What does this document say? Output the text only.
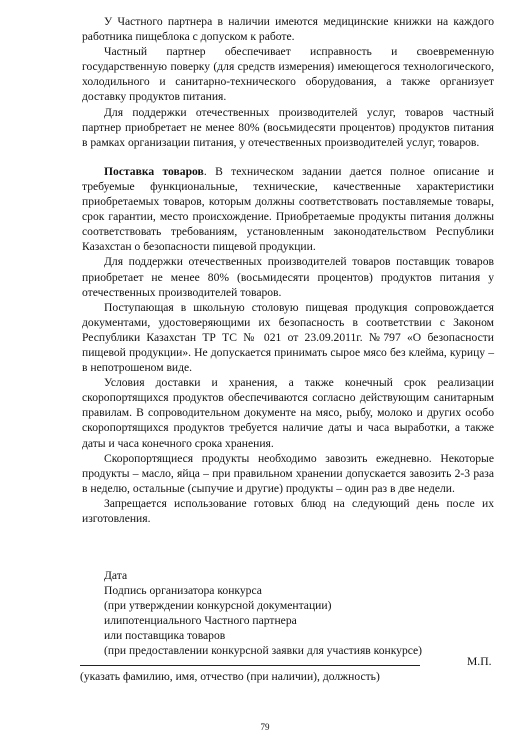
У Частного партнера в наличии имеются медицинские книжки на каждого работника пищеблока с допуском к работе.

Частный партнер обеспечивает исправность и своевременную государственную поверку (для средств измерения) имеющегося технологического, холодильного и санитарно-технического оборудования, а также организует доставку продуктов питания.

Для поддержки отечественных производителей услуг, товаров частный партнер приобретает не менее 80% (восьмидесяти процентов) продуктов питания в рамках организации питания, у отечественных производителей услуг, товаров.

Поставка товаров. В техническом задании дается полное описание и требуемые функциональные, технические, качественные характеристики приобретаемых товаров, которым должны соответствовать поставляемые товары, срок гарантии, место происхождение. Приобретаемые продукты питания должны соответствовать требованиям, установленным законодательством Республики Казахстан о безопасности пищевой продукции.

Для поддержки отечественных производителей товаров поставщик товаров приобретает не менее 80% (восьмидесяти процентов) продуктов питания у отечественных производителей товаров.

Поступающая в школьную столовую пищевая продукция сопровождается документами, удостоверяющими их безопасность в соответствии с Законом Республики Казахстан ТР ТС № 021 от 23.09.2011г. №797 «О безопасности пищевой продукции». Не допускается принимать сырое мясо без клейма, курицу – в непотрошеном виде.

Условия доставки и хранения, а также конечный срок реализации скоропортящихся продуктов обеспечиваются согласно действующим санитарным правилам. В сопроводительном документе на мясо, рыбу, молоко и других особо скоропортящихся продуктов требуется наличие даты и часа выработки, а также даты и часа конечного срока хранения.

Скоропортящиеся продукты необходимо завозить ежедневно. Некоторые продукты – масло, яйца – при правильном хранении допускается завозить 2-3 раза в неделю, остальные (сыпучие и другие) продукты – один раз в две недели.

Запрещается использование готовых блюд на следующий день после их изготовления.

Дата
Подпись организатора конкурса
(при утверждении конкурсной документации)
илипотенциального Частного партнера
или поставщика товаров
(при предоставлении конкурсной заявки для участияв конкурсе)
М.П.
(указать фамилию, имя, отчество (при наличии), должность)
79
